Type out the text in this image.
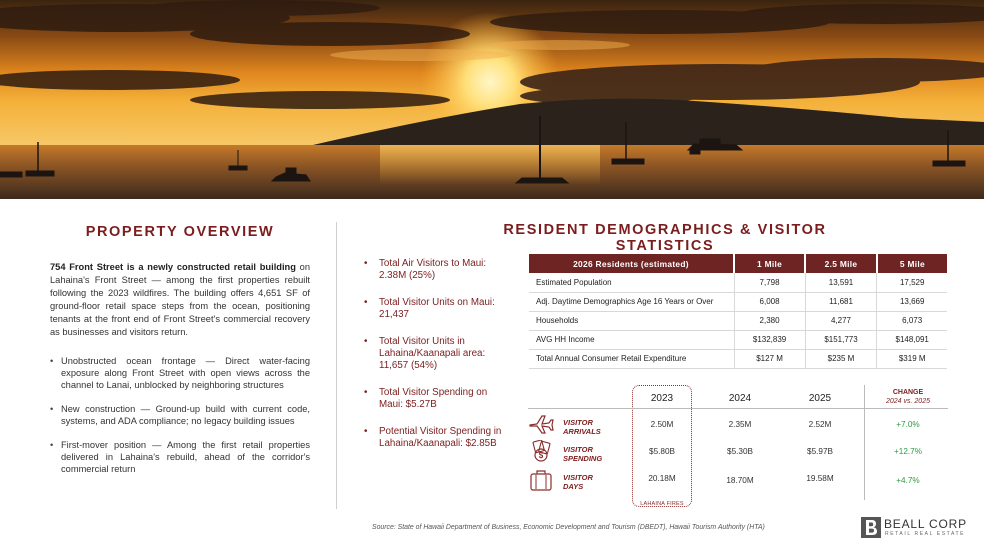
PROPERTY OVERVIEW

754 Front Street is a newly constructed retail building on Lahaina's Front Street — among the first properties rebuilt following the 2023 wildfires. The building offers 4,651 SF of ground-floor retail space steps from the ocean, positioning tenants at the front end of Front Street's commercial recovery as businesses and visitors return.

• Unobstructed ocean frontage — Direct water-facing exposure along Front Street with open views across the channel to Lanai, unblocked by neighboring structures
• New construction — Ground-up build with current code, systems, and ADA compliance; no legacy building issues
• First-mover position — Among the first retail properties delivered in Lahaina's rebuild, ahead of the corridor's commercial return
• Total Air Visitors to Maui: 2.38M (25%)
• Total Visitor Units on Maui: 21,437
• Total Visitor Units in Lahaina/Kaanapali area: 11,657 (54%)
• Total Visitor Spending on Maui: $5.27B
• Potential Visitor Spending in Lahaina/Kaanapali: $2.85B
RESIDENT DEMOGRAPHICS & VISITOR STATISTICS
2026 Residents (estimated)	1 Mile	2.5 Mile	5 Mile
Estimated Population	7,798	13,591	17,529
Adj. Daytime Demographics Age 16 Years or Over	6,008	11,681	13,669
Households	2,380	4,277	6,073
AVG HH Income	$132,839	$151,773	$148,091
Total Annual Consumer Retail Expenditure	$127 M	$235 M	$319 M
2023	2024	2025
CHANGE
2024 vs. 2025
VISITOR
ARRIVALS
2.50M	2.35M	2.52M	+7.0%
$
VISITOR
SPENDING
$5.80B	$5.30B	$5.97B	+12.7%
VISITOR
DAYS
20.18M	18.70M	19.58M	+4.7%
LAHAINA FIRES
Source: State of Hawaii Department of Business, Economic Development and Tourism (DBEDT), Hawaii Tourism Authority (HTA)	BEALL CORP
RETAIL REAL ESTATE
